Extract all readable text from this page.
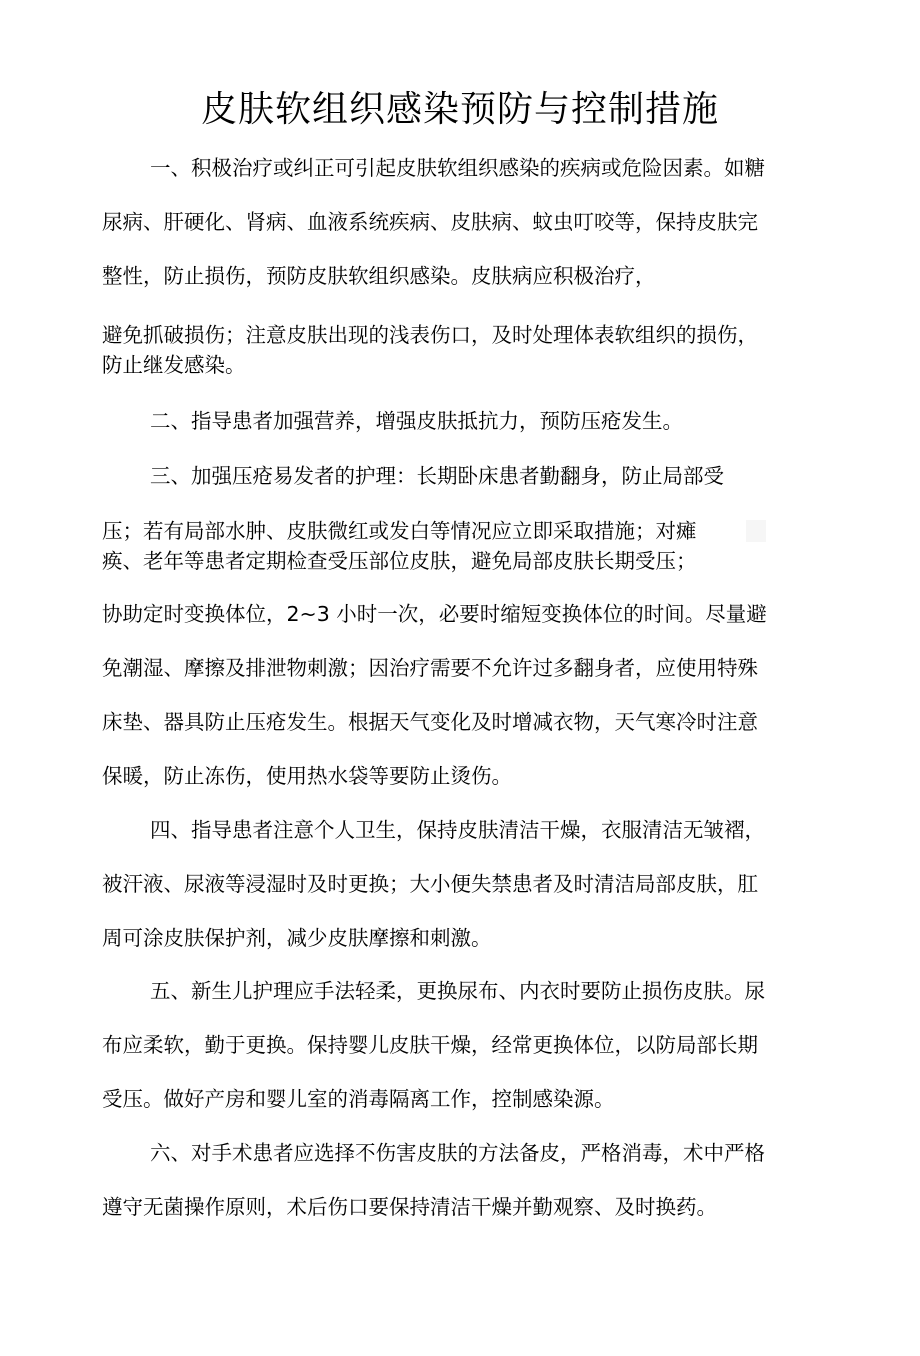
皮肤软组织感染预防与控制措施
一、积极治疗或纠正可引起皮肤软组织感染的疾病或危险因素。如糖
尿病、肝硬化、肾病、血液系统疾病、皮肤病、蚊虫叮咬等，保持皮肤完
整性，防止损伤，预防皮肤软组织感染。皮肤病应积极治疗，
避免抓破损伤；注意皮肤出现的浅表伤口，及时处理体表软组织的损伤，
防止继发感染。
二、指导患者加强营养，增强皮肤抵抗力，预防压疮发生。
三、加强压疮易发者的护理：长期卧床患者勤翻身，防止局部受
压；若有局部水肿、皮肤微红或发白等情况应立即采取措施；对瘫
痪、老年等患者定期检查受压部位皮肤，避免局部皮肤长期受压；
协助定时变换体位，2~3 小时一次，必要时缩短变换体位的时间。尽量避
免潮湿、摩擦及排泄物刺激；因治疗需要不允许过多翻身者，应使用特殊
床垫、器具防止压疮发生。根据天气变化及时增减衣物，天气寒冷时注意
保暖，防止冻伤，使用热水袋等要防止烫伤。
四、指导患者注意个人卫生，保持皮肤清洁干燥，衣服清洁无皱褶，
被汗液、尿液等浸湿时及时更换；大小便失禁患者及时清洁局部皮肤，肛
周可涂皮肤保护剂，减少皮肤摩擦和刺激。
五、新生儿护理应手法轻柔，更换尿布、内衣时要防止损伤皮肤。尿
布应柔软，勤于更换。保持婴儿皮肤干燥，经常更换体位，以防局部长期
受压。做好产房和婴儿室的消毒隔离工作，控制感染源。
六、对手术患者应选择不伤害皮肤的方法备皮，严格消毒，术中严格
遵守无菌操作原则，术后伤口要保持清洁干燥并勤观察、及时换药。
